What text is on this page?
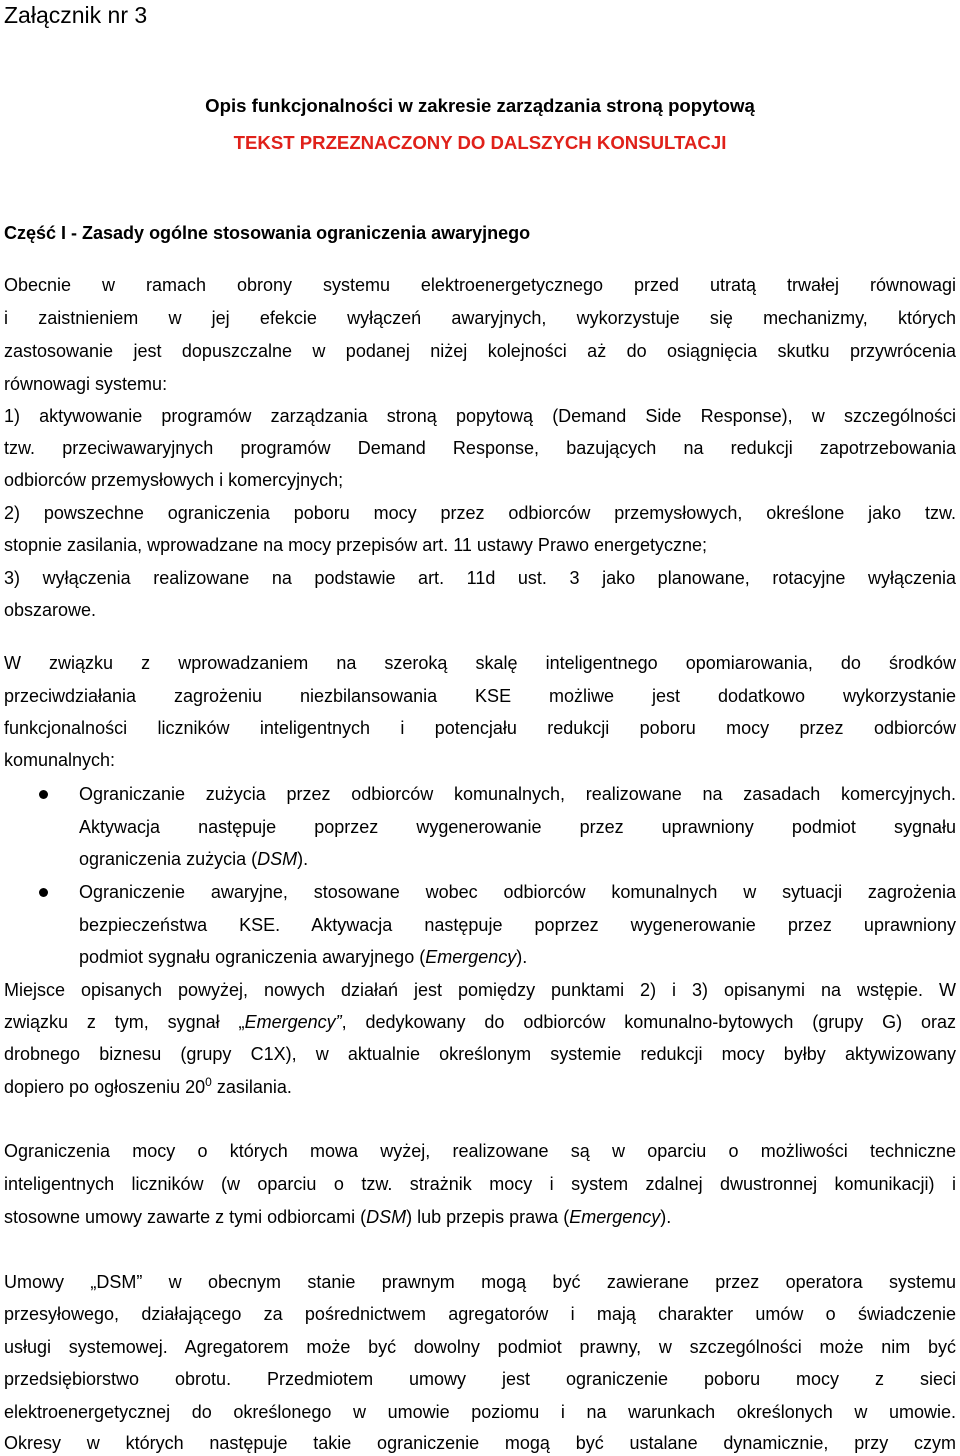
Załącznik nr 3
Opis funkcjonalności w zakresie zarządzania stroną popytową
TEKST PRZEZNACZONY DO DALSZYCH KONSULTACJI
Część I - Zasady ogólne stosowania ograniczenia awaryjnego
Obecnie w ramach obrony systemu elektroenergetycznego przed utratą trwałej równowagi
i zaistnieniem w jej efekcie wyłączeń awaryjnych, wykorzystuje się mechanizmy, których
zastosowanie jest dopuszczalne w podanej niżej kolejności aż do osiągnięcia skutku przywrócenia
równowagi systemu:
1) aktywowanie programów zarządzania stroną popytową (Demand Side Response), w szczególności
tzw. przeciwawaryjnych programów Demand Response, bazujących na redukcji zapotrzebowania
odbiorców przemysłowych i komercyjnych;
2) powszechne ograniczenia poboru mocy przez odbiorców przemysłowych, określone jako tzw.
stopnie zasilania, wprowadzane na mocy przepisów art. 11 ustawy Prawo energetyczne;
3) wyłączenia realizowane na podstawie art. 11d ust. 3 jako planowane, rotacyjne wyłączenia
obszarowe.
W związku z wprowadzaniem na szeroką skalę inteligentnego opomiarowania, do środków
przeciwdziałania zagrożeniu niezbilansowania KSE możliwe jest dodatkowo wykorzystanie
funkcjonalności liczników inteligentnych i potencjału redukcji poboru mocy przez odbiorców
komunalnych:
Ograniczanie zużycia przez odbiorców komunalnych, realizowane na zasadach komercyjnych.
Aktywacja następuje poprzez wygenerowanie przez uprawniony podmiot sygnału
ograniczenia zużycia (DSM).
Ograniczenie awaryjne, stosowane wobec odbiorców komunalnych w sytuacji zagrożenia
bezpieczeństwa KSE. Aktywacja następuje poprzez wygenerowanie przez uprawniony
podmiot sygnału ograniczenia awaryjnego (Emergency).
Miejsce opisanych powyżej, nowych działań jest pomiędzy punktami 2) i 3) opisanymi na wstępie. W
związku z tym, sygnał „Emergency”, dedykowany do odbiorców komunalno-bytowych (grupy G) oraz
drobnego biznesu (grupy C1X), w aktualnie określonym systemie redukcji mocy byłby aktywizowany
dopiero po ogłoszeniu $20^0$ zasilania.
Ograniczenia mocy o których mowa wyżej, realizowane są w oparciu o możliwości techniczne
inteligentnych liczników (w oparciu o tzw. strażnik mocy i system zdalnej dwustronnej komunikacji) i
stosowne umowy zawarte z tymi odbiorcami (DSM) lub przepis prawa (Emergency).
Umowy „DSM” w obecnym stanie prawnym mogą być zawierane przez operatora systemu
przesyłowego, działającego za pośrednictwem agregatorów i mają charakter umów o świadczenie
usługi systemowej. Agregatorem może być dowolny podmiot prawny, w szczególności może nim być
przedsiębiorstwo obrotu. Przedmiotem umowy jest ograniczenie poboru mocy z sieci
elektroenergetycznej do określonego w umowie poziomu i na warunkach określonych w umowie.
Okresy w których następuje takie ograniczenie mogą być ustalane dynamicznie, przy czym
